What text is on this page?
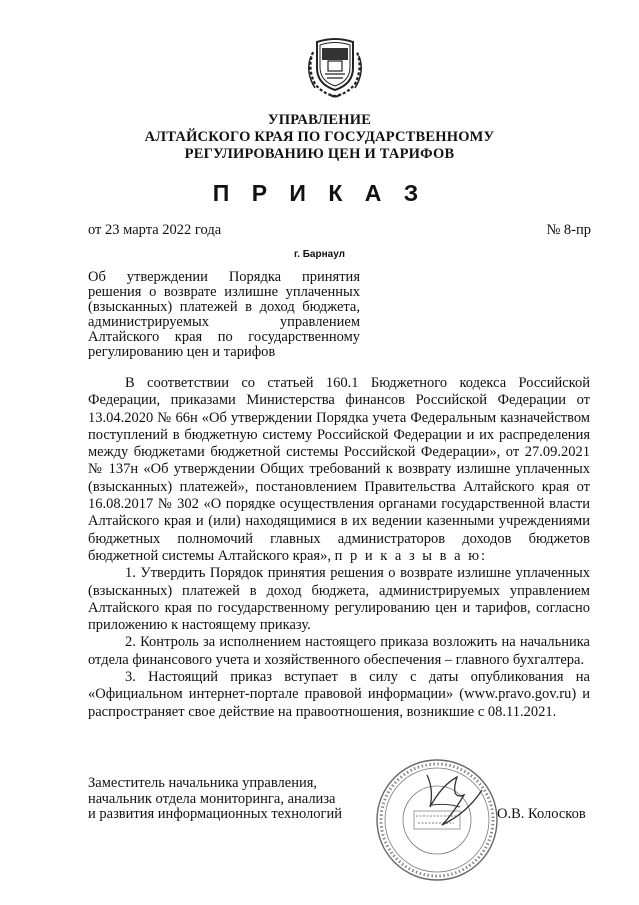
УПРАВЛЕНИЕ
АЛТАЙСКОГО КРАЯ ПО ГОСУДАРСТВЕННОМУ
РЕГУЛИРОВАНИЮ ЦЕН И ТАРИФОВ
П Р И К А З
от 23 марта 2022 года	№ 8-пр
г. Барнаул
Об утверждении Порядка принятия
решения о возврате излишне уплаченных
(взысканных) платежей в доход бюджета,
администрируемых управлением
Алтайского края по государственному
регулированию цен и тарифов

В соответствии со статьей 160.1 Бюджетного кодекса Российской Федерации, приказами Министерства финансов Российской Федерации от 13.04.2020 № 66н «Об утверждении Порядка учета Федеральным казначейством поступлений в бюджетную систему Российской Федерации и их распределения между бюджетами бюджетной системы Российской Федерации», от 27.09.2021 № 137н «Об утверждении Общих требований к возврату излишне уплаченных (взысканных) платежей», постановлением Правительства Алтайского края от 16.08.2017 № 302 «О порядке осуществления органами государственной власти Алтайского края и (или) находящимися в их ведении казенными учреждениями бюджетных полномочий главных администраторов доходов бюджетов бюджетной системы Алтайского края», п р и к а з ы в а ю:

1. Утвердить Порядок принятия решения о возврате излишне уплаченных (взысканных) платежей в доход бюджета, администрируемых управлением Алтайского края по государственному регулированию цен и тарифов, согласно приложению к настоящему приказу.

2. Контроль за исполнением настоящего приказа возложить на начальника отдела финансового учета и хозяйственного обеспечения – главного бухгалтера.

3. Настоящий приказ вступает в силу с даты опубликования на «Официальном интернет-портале правовой информации» (www.pravo.gov.ru) и распространяет свое действие на правоотношения, возникшие с 08.11.2021.

Заместитель начальника управления,
начальник отдела мониторинга, анализа
и развития информационных технологий	О.В. Колосков
